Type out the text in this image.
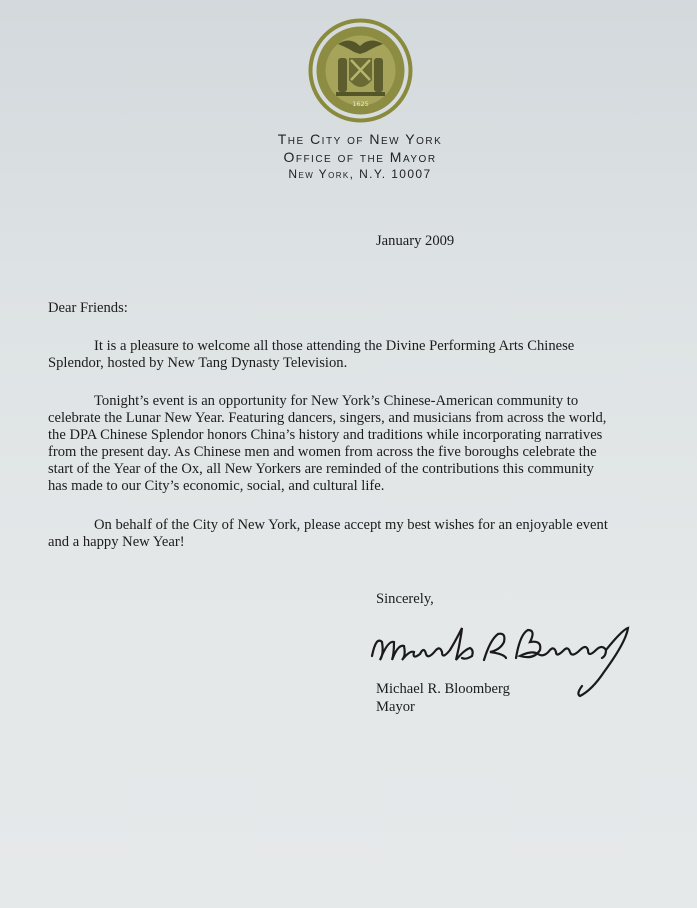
1625
The City of New York
Office of the Mayor
New York, N.Y. 10007
January 2009
Dear Friends:
It is a pleasure to welcome all those attending the Divine Performing Arts Chinese
Splendor, hosted by New Tang Dynasty Television.
Tonight’s event is an opportunity for New York’s Chinese-American community to
celebrate the Lunar New Year. Featuring dancers, singers, and musicians from across the world,
the DPA Chinese Splendor honors China’s history and traditions while incorporating narratives
from the present day. As Chinese men and women from across the five boroughs celebrate the
start of the Year of the Ox, all New Yorkers are reminded of the contributions this community
has made to our City’s economic, social, and cultural life.
On behalf of the City of New York, please accept my best wishes for an enjoyable event
and a happy New Year!
Sincerely,
Michael R. Bloomberg
Mayor
